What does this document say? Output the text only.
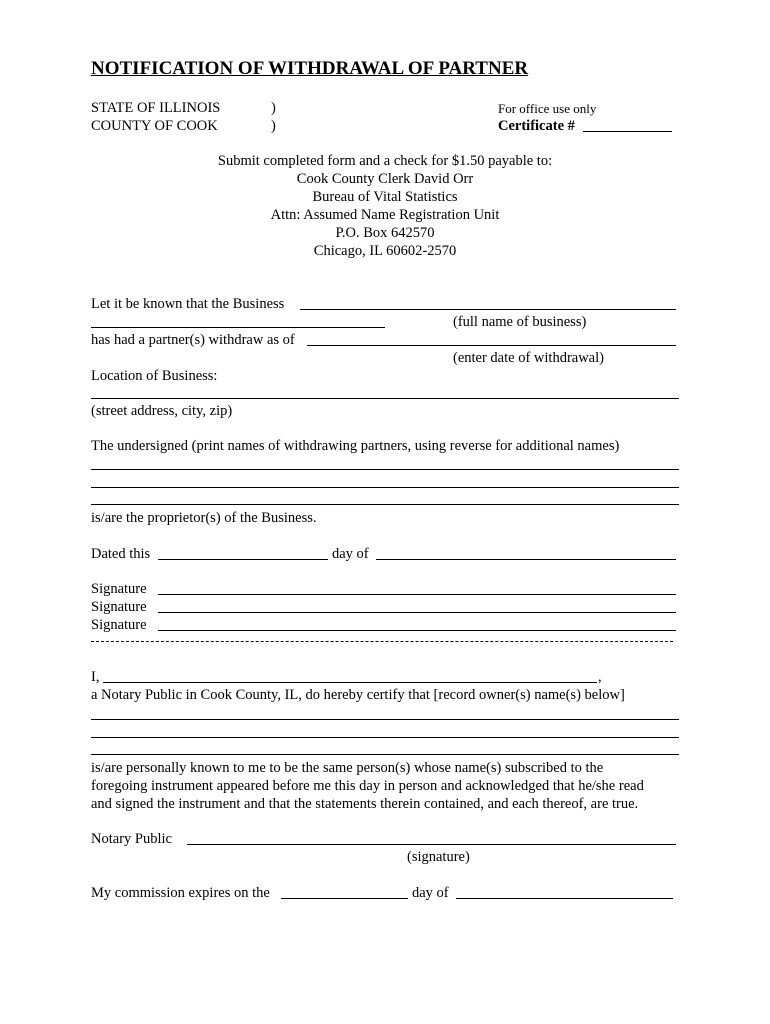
NOTIFICATION OF WITHDRAWAL OF PARTNER
STATE OF ILLINOIS	)
COUNTY OF COOK	)
For office use only
Certificate #
Submit completed form and a check for $1.50 payable to:
Cook County Clerk David Orr
Bureau of Vital Statistics
Attn: Assumed Name Registration Unit
P.O. Box 642570
Chicago, IL 60602-2570
Let it be known that the Business
(full name of business)
has had a partner(s) withdraw as of
(enter date of withdrawal)
Location of Business:
(street address, city, zip)
The undersigned (print names of withdrawing partners, using reverse for additional names)
is/are the proprietor(s) of the Business.
Dated this	day of
Signature
Signature
Signature
I,	,
a Notary Public in Cook County, IL, do hereby certify that [record owner(s) name(s) below]
is/are personally known to me to be the same person(s) whose name(s) subscribed to the
foregoing instrument appeared before me this day in person and acknowledged that he/she read
and signed the instrument and that the statements therein contained, and each thereof, are true.
Notary Public
(signature)
My commission expires on the	day of
